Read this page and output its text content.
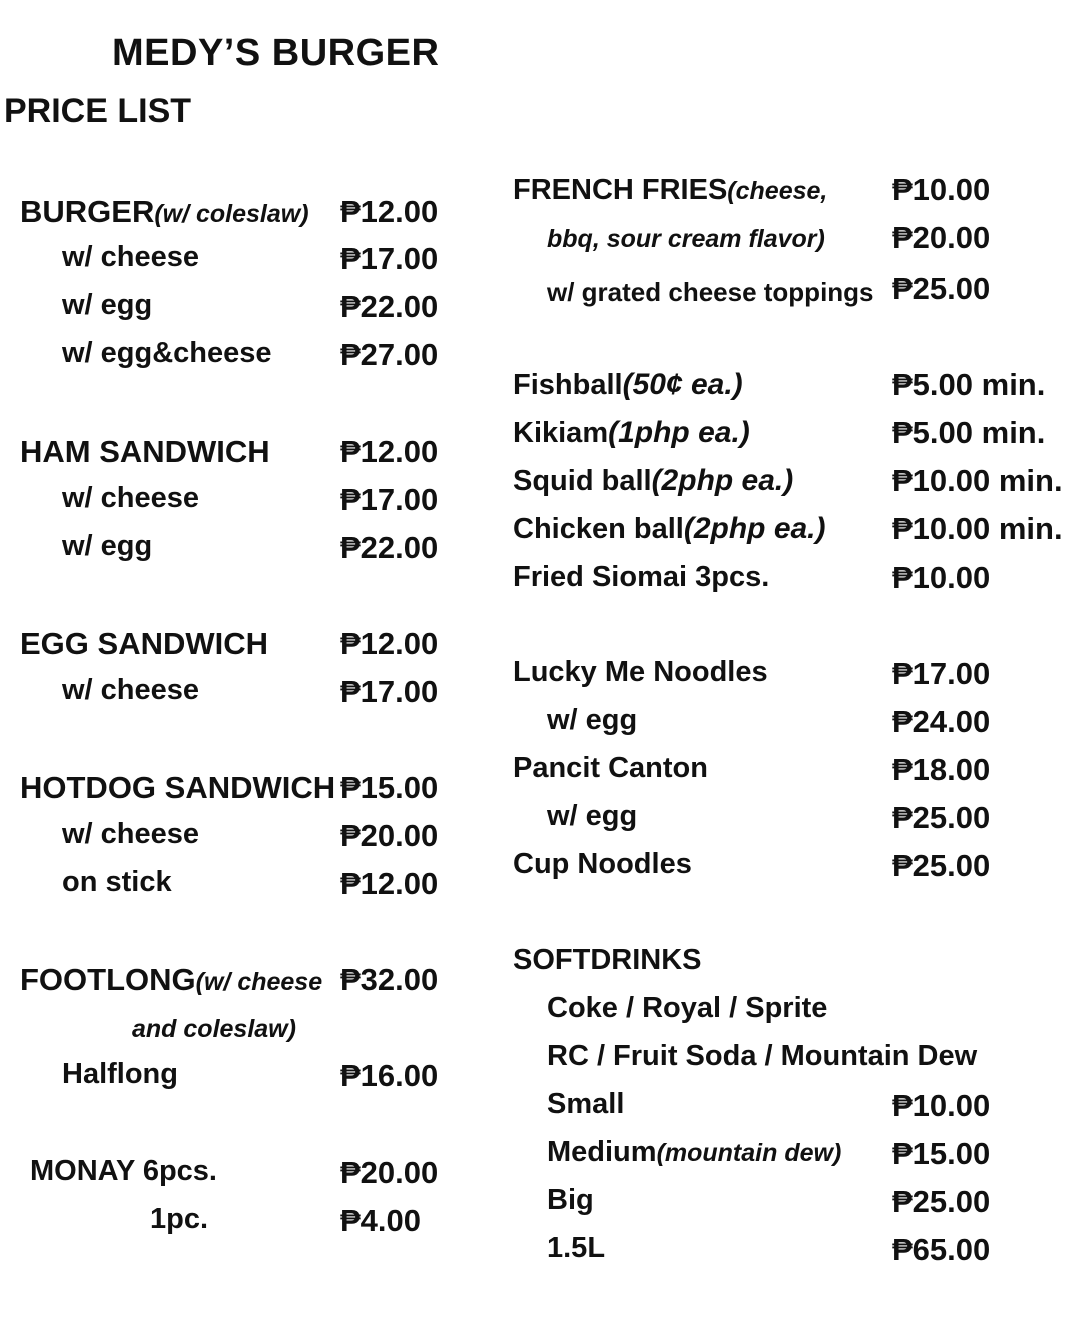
MEDY’S BURGER
PRICE LIST
BURGER(w/ coleslaw) ₱12.00
w/ cheese	₱17.00
w/ egg	₱22.00
w/ egg&cheese ₱27.00
HAM SANDWICH ₱12.00
w/ cheese	₱17.00
w/ egg	₱22.00
EGG SANDWICH ₱12.00
w/ cheese	₱17.00
HOTDOG SANDWICH ₱15.00
w/ cheese	₱20.00
on stick	₱12.00
FOOTLONG(w/ cheese ₱32.00
and coleslaw)
Halflong	₱16.00
MONAY 6pcs.	₱20.00
1pc.	₱4.00
FRENCH FRIES(cheese, ₱10.00
bbq, sour cream flavor) ₱20.00
w/ grated cheese toppings ₱25.00
Fishball(50¢ ea.)	₱5.00 min.
Kikiam(1php ea.)	₱5.00 min.
Squid ball(2php ea.)	₱10.00 min.
Chicken ball(2php ea.) ₱10.00 min.
Fried Siomai 3pcs.	₱10.00
Lucky Me Noodles	₱17.00
w/ egg	₱24.00
Pancit Canton	₱18.00
w/ egg	₱25.00
Cup Noodles	₱25.00
SOFTDRINKS
Coke / Royal / Sprite
RC / Fruit Soda / Mountain Dew
Small	₱10.00
Medium(mountain dew) ₱15.00
Big	₱25.00
1.5L	₱65.00
